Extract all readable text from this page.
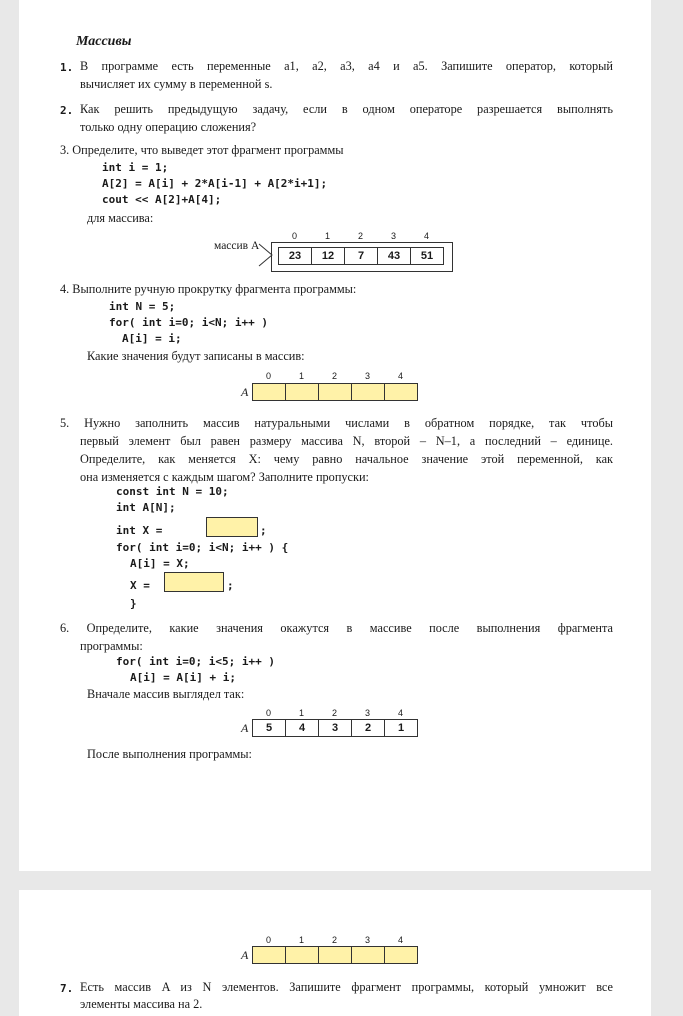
Массивы
1. В программе есть переменные a1, a2, a3, a4 и a5. Запишите оператор, который
вычисляет их сумму в переменной s.
2. Как решить предыдущую задачу, если в одном операторе разрешается выполнять
только одну операцию сложения?
3. Определите, что выведет этот фрагмент программы
int i = 1;
A[2] = A[i] + 2*A[i-1] + A[2*i+1];
cout << A[2]+A[4];
для массива:
массив A
0	1	2	3	4
23	12	7	43	51
4. Выполните ручную прокрутку фрагмента программы:
int N = 5;
for( int i=0; i<N; i++ )
A[i] = i;
Какие значения будут записаны в массив:
A
0	1	2	3	4
5. Нужно заполнить массив натуральными числами в обратном порядке, так чтобы
первый элемент был равен размеру массива N, второй – N–1, а последний – единице.
Определите, как меняется X: чему равно начальное значение этой переменной, как
она изменяется с каждым шагом? Заполните пропуски:
const int N = 10;
int A[N];
int X =	;
for( int i=0; i<N; i++ ) {
A[i] = X;
X =	;
}
6. Определите, какие значения окажутся в массиве после выполнения фрагмента
программы:
for( int i=0; i<5; i++ )
A[i] = A[i] + i;
Вначале массив выглядел так:
A
0	1	2	3	4
5	4	3	2	1
После выполнения программы:
A
0	1	2	3	4
7. Есть массив A из N элементов. Запишите фрагмент программы, который умножит все
элементы массива на 2.
